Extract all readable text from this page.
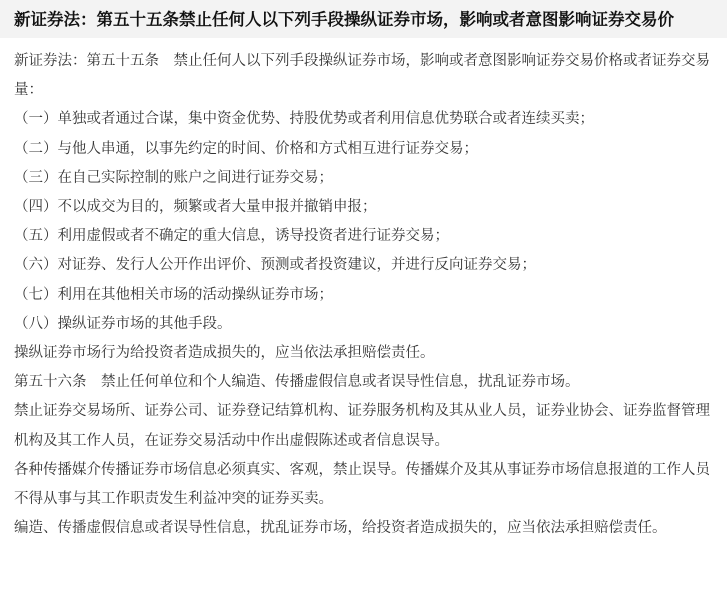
新证券法：第五十五条禁止任何人以下列手段操纵证券市场，影响或者意图影响证券交易价

新证券法：第五十五条　禁止任何人以下列手段操纵证券市场，影响或者意图影响证券交易价格或者证券交易量：

（一）单独或者通过合谋，集中资金优势、持股优势或者利用信息优势联合或者连续买卖；

（二）与他人串通，以事先约定的时间、价格和方式相互进行证券交易；

（三）在自己实际控制的账户之间进行证券交易；

（四）不以成交为目的，频繁或者大量申报并撤销申报；

（五）利用虚假或者不确定的重大信息，诱导投资者进行证券交易；

（六）对证券、发行人公开作出评价、预测或者投资建议，并进行反向证券交易；

（七）利用在其他相关市场的活动操纵证券市场；

（八）操纵证券市场的其他手段。

操纵证券市场行为给投资者造成损失的，应当依法承担赔偿责任。

第五十六条　禁止任何单位和个人编造、传播虚假信息或者误导性信息，扰乱证券市场。

禁止证券交易场所、证券公司、证券登记结算机构、证券服务机构及其从业人员，证券业协会、证券监督管理机构及其工作人员，在证券交易活动中作出虚假陈述或者信息误导。

各种传播媒介传播证券市场信息必须真实、客观，禁止误导。传播媒介及其从事证券市场信息报道的工作人员不得从事与其工作职责发生利益冲突的证券买卖。

编造、传播虚假信息或者误导性信息，扰乱证券市场，给投资者造成损失的，应当依法承担赔偿责任。
